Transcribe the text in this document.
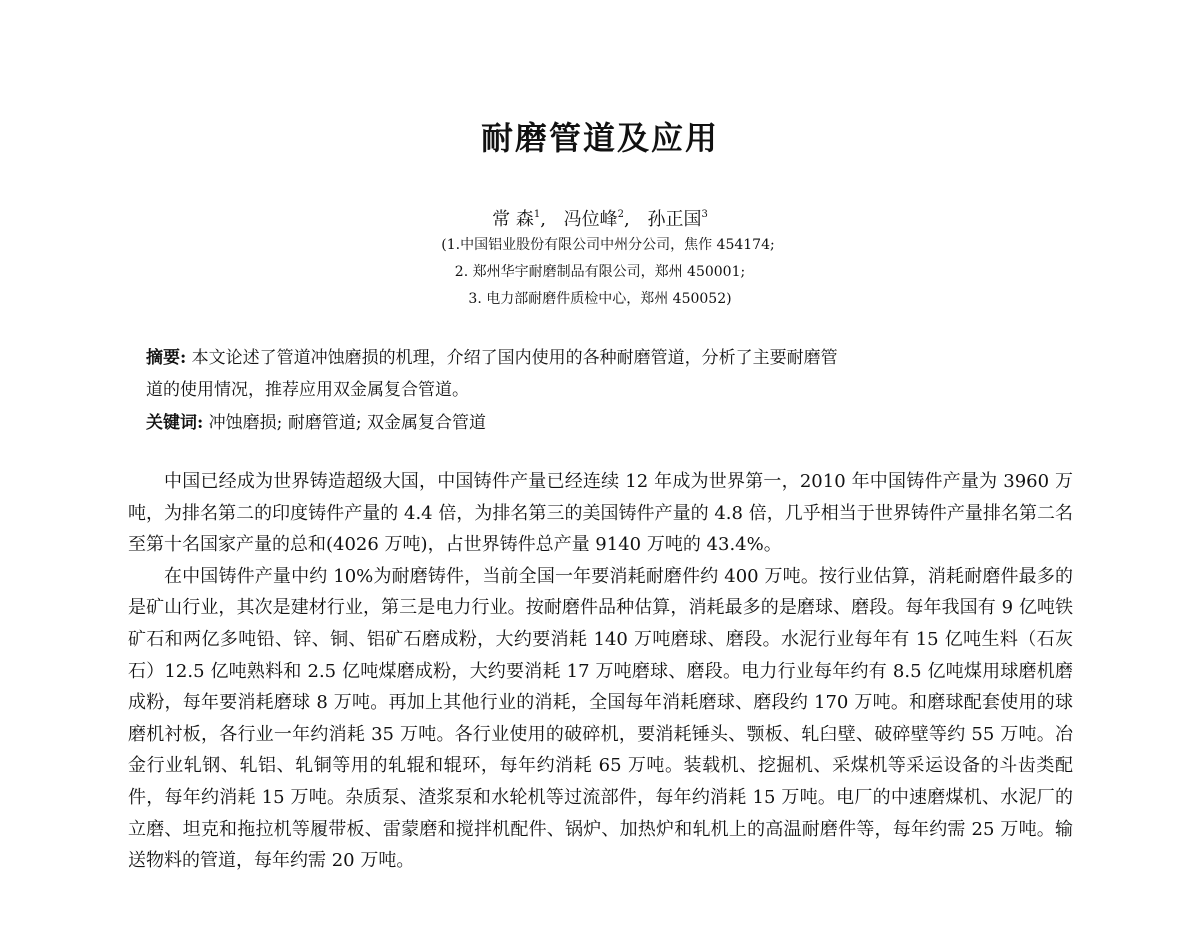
耐磨管道及应用
常 森$^1$, 冯位峰$^2$, 孙正国$^3$
(1.中国铝业股份有限公司中州分公司，焦作 454174;
2. 郑州华宇耐磨制品有限公司，郑州 450001;
3. 电力部耐磨件质检中心，郑州 450052)
摘要: 本文论述了管道冲蚀磨损的机理，介绍了国内使用的各种耐磨管道，分析了主要耐磨管
道的使用情况，推荐应用双金属复合管道。
关键词: 冲蚀磨损; 耐磨管道; 双金属复合管道

中国已经成为世界铸造超级大国，中国铸件产量已经连续 12 年成为世界第一，2010 年中国铸件产量为 3960 万吨，为排名第二的印度铸件产量的 4.4 倍，为排名第三的美国铸件产量的 4.8 倍，几乎相当于世界铸件产量排名第二名至第十名国家产量的总和(4026 万吨)，占世界铸件总产量 9140 万吨的 43.4%。

在中国铸件产量中约 10%为耐磨铸件，当前全国一年要消耗耐磨件约 400 万吨。按行业估算，消耗耐磨件最多的是矿山行业，其次是建材行业，第三是电力行业。按耐磨件品种估算，消耗最多的是磨球、磨段。每年我国有 9 亿吨铁矿石和两亿多吨铅、锌、铜、铝矿石磨成粉，大约要消耗 140 万吨磨球、磨段。水泥行业每年有 15 亿吨生料（石灰石）12.5 亿吨熟料和 2.5 亿吨煤磨成粉，大约要消耗 17 万吨磨球、磨段。电力行业每年约有 8.5 亿吨煤用球磨机磨成粉，每年要消耗磨球 8 万吨。再加上其他行业的消耗，全国每年消耗磨球、磨段约 170 万吨。和磨球配套使用的球磨机衬板，各行业一年约消耗 35 万吨。各行业使用的破碎机，要消耗锤头、颚板、轧臼壁、破碎壁等约 55 万吨。冶金行业轧钢、轧铝、轧铜等用的轧辊和辊环，每年约消耗 65 万吨。装载机、挖掘机、采煤机等采运设备的斗齿类配件，每年约消耗 15 万吨。杂质泵、渣浆泵和水轮机等过流部件，每年约消耗 15 万吨。电厂的中速磨煤机、水泥厂的立磨、坦克和拖拉机等履带板、雷蒙磨和搅拌机配件、锅炉、加热炉和轧机上的高温耐磨件等，每年约需 25 万吨。输送物料的管道，每年约需 20 万吨。
